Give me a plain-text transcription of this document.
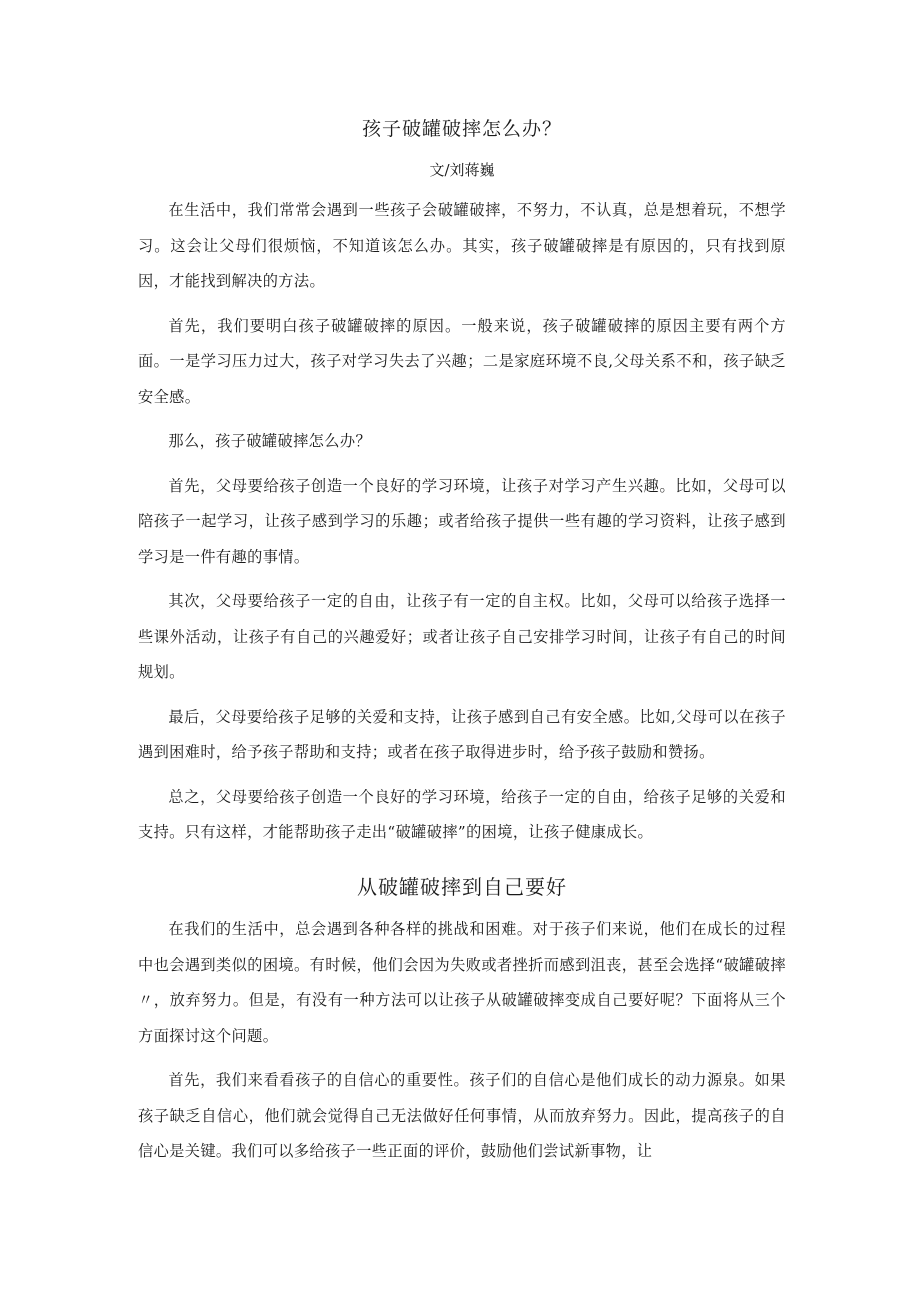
孩子破罐破摔怎么办？
文/刘蒋巍

在生活中，我们常常会遇到一些孩子会破罐破摔，不努力，不认真，总是想着玩，不想学习。这会让父母们很烦恼，不知道该怎么办。其实，孩子破罐破摔是有原因的，只有找到原因，才能找到解决的方法。

首先，我们要明白孩子破罐破摔的原因。一般来说，孩子破罐破摔的原因主要有两个方面。一是学习压力过大，孩子对学习失去了兴趣；二是家庭环境不良,父母关系不和，孩子缺乏安全感。

那么，孩子破罐破摔怎么办？

首先，父母要给孩子创造一个良好的学习环境，让孩子对学习产生兴趣。比如，父母可以陪孩子一起学习，让孩子感到学习的乐趣；或者给孩子提供一些有趣的学习资料，让孩子感到学习是一件有趣的事情。

其次，父母要给孩子一定的自由，让孩子有一定的自主权。比如，父母可以给孩子选择一些课外活动，让孩子有自己的兴趣爱好；或者让孩子自己安排学习时间，让孩子有自己的时间规划。

最后，父母要给孩子足够的关爱和支持，让孩子感到自己有安全感。比如,父母可以在孩子遇到困难时，给予孩子帮助和支持；或者在孩子取得进步时，给予孩子鼓励和赞扬。

总之，父母要给孩子创造一个良好的学习环境，给孩子一定的自由，给孩子足够的关爱和支持。只有这样，才能帮助孩子走出“破罐破摔”的困境，让孩子健康成长。

从破罐破摔到自己要好

在我们的生活中，总会遇到各种各样的挑战和困难。对于孩子们来说，他们在成长的过程中也会遇到类似的困境。有时候，他们会因为失败或者挫折而感到沮丧，甚至会选择“破罐破摔〃，放弃努力。但是，有没有一种方法可以让孩子从破罐破摔变成自己要好呢？下面将从三个方面探讨这个问题。

首先，我们来看看孩子的自信心的重要性。孩子们的自信心是他们成长的动力源泉。如果孩子缺乏自信心，他们就会觉得自己无法做好任何事情，从而放弃努力。因此，提高孩子的自信心是关键。我们可以多给孩子一些正面的评价，鼓励他们尝试新事物，让
